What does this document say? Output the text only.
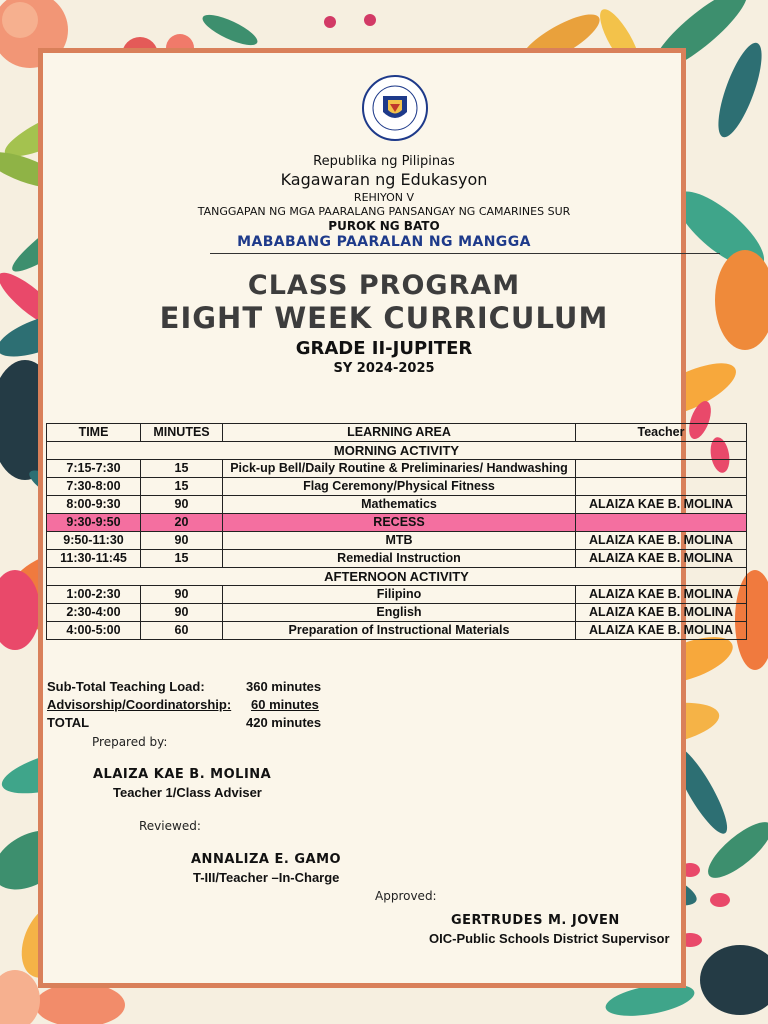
Republika ng Pilipinas
Kagawaran ng Edukasyon
REHIYON V
TANGGAPAN NG MGA PAARALANG PANSANGAY NG CAMARINES SUR
PUROK NG BATO
MABABANG PAARALAN NG MANGGA
CLASS PROGRAM
EIGHT WEEK CURRICULUM
GRADE II-JUPITER
SY 2024-2025
TIME	MINUTES	LEARNING AREA	Teacher
MORNING ACTIVITY			
7:15-7:30	15	Pick-up Bell/Daily Routine & Preliminaries/ Handwashing	
7:30-8:00	15	Flag Ceremony/Physical Fitness	
8:00-9:30	90	Mathematics	ALAIZA KAE B. MOLINA
9:30-9:50	20	RECESS	
9:50-11:30	90	MTB	ALAIZA KAE B. MOLINA
11:30-11:45	15	Remedial Instruction	ALAIZA KAE B. MOLINA
AFTERNOON ACTIVITY			
1:00-2:30	90	Filipino	ALAIZA KAE B. MOLINA
2:30-4:00	90	English	ALAIZA KAE B. MOLINA
4:00-5:00	60	Preparation of Instructional Materials	ALAIZA KAE B. MOLINA
Sub-Total Teaching Load:	360 minutes
Advisorship/Coordinatorship: 60 minutes
TOTAL	420 minutes
Prepared by:
ALAIZA KAE B. MOLINA
Teacher 1/Class Adviser
Reviewed:
ANNALIZA E. GAMO
T-III/Teacher –In-Charge
Approved:
GERTRUDES M. JOVEN
OIC-Public Schools District Supervisor
